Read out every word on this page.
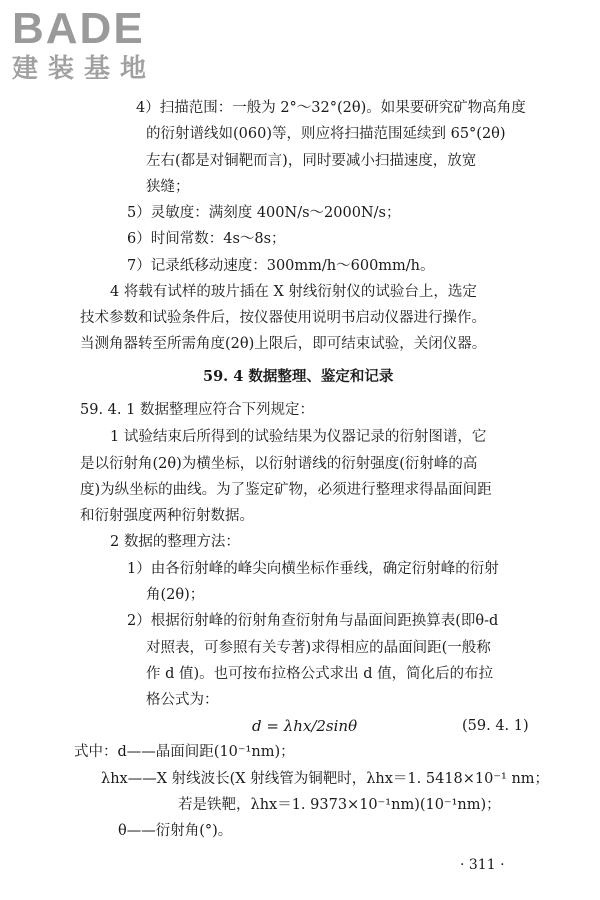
BADE
建装基地
4）扫描范围：一般为 2°～32°(2θ)。如果要研究矿物高角度
的衍射谱线如(060)等，则应将扫描范围延续到 65°(2θ)
左右(都是对铜靶而言)，同时要减小扫描速度，放宽
狭缝；
5）灵敏度：满刻度 400N/s～2000N/s；
6）时间常数：4s～8s；
7）记录纸移动速度：300mm/h～600mm/h。
4 将载有试样的玻片插在 X 射线衍射仪的试验台上，选定
技术参数和试验条件后，按仪器使用说明书启动仪器进行操作。
当测角器转至所需角度(2θ)上限后，即可结束试验，关闭仪器。
59. 4 数据整理、鉴定和记录
59. 4. 1 数据整理应符合下列规定：
1 试验结束后所得到的试验结果为仪器记录的衍射图谱，它
是以衍射角(2θ)为横坐标，以衍射谱线的衍射强度(衍射峰的高
度)为纵坐标的曲线。为了鉴定矿物，必须进行整理求得晶面间距
和衍射强度两种衍射数据。
2 数据的整理方法：
1）由各衍射峰的峰尖向横坐标作垂线，确定衍射峰的衍射
角(2θ)；
2）根据衍射峰的衍射角查衍射角与晶面间距换算表(即θ-d
对照表，可参照有关专著)求得相应的晶面间距(一般称
作 d 值)。也可按布拉格公式求出 d 值，简化后的布拉
格公式为：
d = λhx/2sinθ	(59. 4. 1)
式中：d——晶面间距(10⁻¹nm)；
λhx——X 射线波长(X 射线管为铜靶时，λhx＝1. 5418×10⁻¹ nm；
若是铁靶，λhx＝1. 9373×10⁻¹nm)(10⁻¹nm)；
θ——衍射角(°)。
· 311 ·
